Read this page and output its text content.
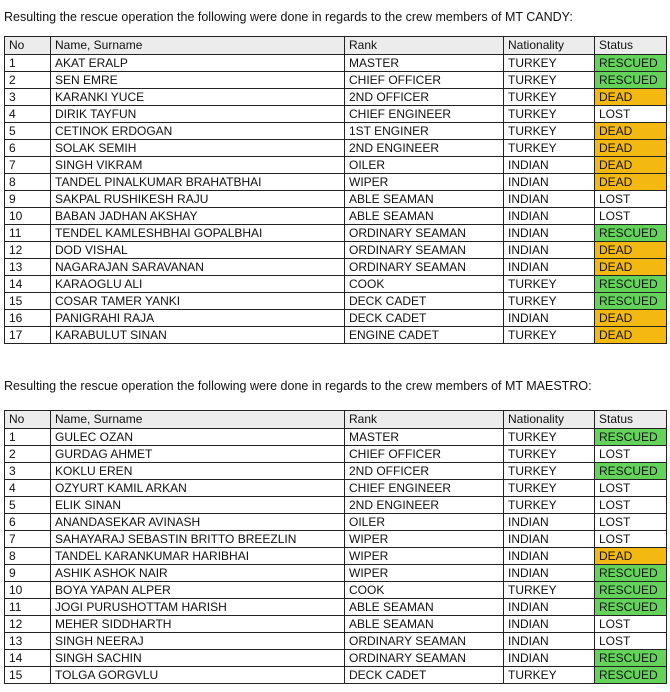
Resulting the rescue operation the following were done in regards to the crew members of MT CANDY:
No	Name, Surname	Rank	Nationality	Status
1	AKAT ERALP	MASTER	TURKEY	RESCUED
2	SEN EMRE	CHIEF OFFICER	TURKEY	RESCUED
3	KARANKI YUCE	2ND OFFICER	TURKEY	DEAD
4	DIRIK TAYFUN	CHIEF ENGINEER	TURKEY	LOST
5	CETINOK ERDOGAN	1ST ENGINER	TURKEY	DEAD
6	SOLAK SEMIH	2ND ENGINEER	TURKEY	DEAD
7	SINGH VIKRAM	OILER	INDIAN	DEAD
8	TANDEL PINALKUMAR BRAHATBHAI	WIPER	INDIAN	DEAD
9	SAKPAL RUSHIKESH RAJU	ABLE SEAMAN	INDIAN	LOST
10	BABAN JADHAN AKSHAY	ABLE SEAMAN	INDIAN	LOST
11	TENDEL KAMLESHBHAI GOPALBHAI	ORDINARY SEAMAN	INDIAN	RESCUED
12	DOD VISHAL	ORDINARY SEAMAN	INDIAN	DEAD
13	NAGARAJAN SARAVANAN	ORDINARY SEAMAN	INDIAN	DEAD
14	KARAOGLU ALI	COOK	TURKEY	RESCUED
15	COSAR TAMER YANKI	DECK CADET	TURKEY	RESCUED
16	PANIGRAHI RAJA	DECK CADET	INDIAN	DEAD
17	KARABULUT SINAN	ENGINE CADET	TURKEY	DEAD
Resulting the rescue operation the following were done in regards to the crew members of MT MAESTRO:
No	Name, Surname	Rank	Nationality	Status
1	GULEC OZAN	MASTER	TURKEY	RESCUED
2	GURDAG AHMET	CHIEF OFFICER	TURKEY	LOST
3	KOKLU EREN	2ND OFFICER	TURKEY	RESCUED
4	OZYURT KAMIL ARKAN	CHIEF ENGINEER	TURKEY	LOST
5	ELIK SINAN	2ND ENGINEER	TURKEY	LOST
6	ANANDASEKAR AVINASH	OILER	INDIAN	LOST
7	SAHAYARAJ SEBASTIN BRITTO BREEZLIN	WIPER	INDIAN	LOST
8	TANDEL KARANKUMAR HARIBHAI	WIPER	INDIAN	DEAD
9	ASHIK ASHOK NAIR	WIPER	INDIAN	RESCUED
10	BOYA YAPAN ALPER	COOK	TURKEY	RESCUED
11	JOGI PURUSHOTTAM HARISH	ABLE SEAMAN	INDIAN	RESCUED
12	MEHER SIDDHARTH	ABLE SEAMAN	INDIAN	LOST
13	SINGH NEERAJ	ORDINARY SEAMAN	INDIAN	LOST
14	SINGH SACHIN	ORDINARY SEAMAN	INDIAN	RESCUED
15	TOLGA GORGVLU	DECK CADET	TURKEY	RESCUED
